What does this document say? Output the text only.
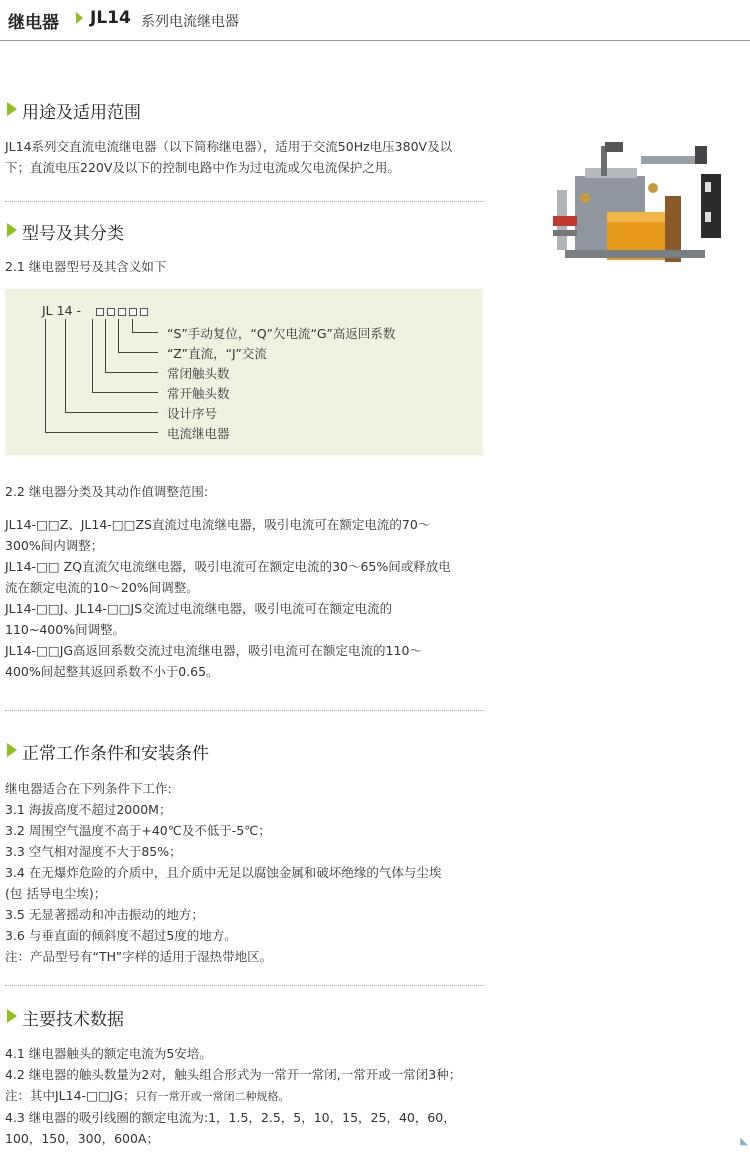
继电器 JL14 系列电流继电器
用途及适用范围

JL14系列交直流电流继电器（以下简称继电器），适用于交流50Hz电压380V及以

下；直流电压220V及以下的控制电路中作为过电流或欠电流保护之用。

型号及其分类

2.1 继电器型号及其含义如下

JL 14 -
“S”手动复位，“Q”欠电流“G”高返回系数
“Z”直流，“J”交流
常闭触头数
常开触头数
设计序号
电流继电器

2.2 继电器分类及其动作值调整范围:

JL14-□□Z、JL14-□□ZS直流过电流继电器，吸引电流可在额定电流的70～

300%间内调整；

JL14-□□ ZQ直流欠电流继电器，吸引电流可在额定电流的30～65%间或释放电

流在额定电流的10～20%间调整。

JL14-□□J、JL14-□□JS交流过电流继电器，吸引电流可在额定电流的

110~400%间调整。

JL14-□□JG高返回系数交流过电流继电器，吸引电流可在额定电流的110～

400%间起整其返回系数不小于0.65。

正常工作条件和安装条件

继电器适合在下列条件下工作:

3.1 海拔高度不超过2000M；

3.2 周围空气温度不高于+40℃及不低于-5℃；

3.3 空气相对湿度不大于85%；

3.4 在无爆炸危险的介质中，且介质中无足以腐蚀金属和破坏绝缘的气体与尘埃

(包 括导电尘埃)；

3.5 无显著摇动和冲击振动的地方；

3.6 与垂直面的倾斜度不超过5度的地方。

注：产品型号有“TH”字样的适用于湿热带地区。

主要技术数据

4.1 继电器触头的额定电流为5安培。

4.2 继电器的触头数量为2对，触头组合形式为一常开一常闭,一常开或一常闭3种；

注：其中JL14-□□JG；只有一常开或一常闭二种规格。

4.3 继电器的吸引线圈的额定电流为:1，1.5，2.5，5，10，15，25，40，60，

100，150，300，600A；	◣
